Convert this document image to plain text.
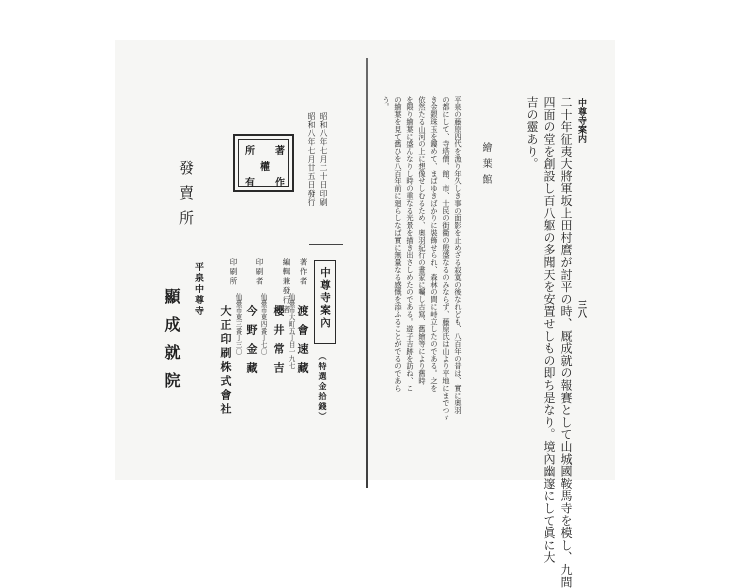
中尊寺案内
三八
二十年征夷大將軍坂上田村麿が討平の時、厩成就の報賽として山城國鞍馬寺を模し、九間
四面の堂を創設し百八躯の多聞天を安置せしもの即ち是なり。境內幽邃にして眞に大
吉の靈あり。
繪葉館
平泉の藤原四代を漁り年久しき事の面影を止めざる寂寞の後なれども、八百年の昔は、實に奧羽
の都にして、寺塔僧、館、市、士民の街衢の殷盛なるのみならず、藤原氏は山より平地にまでつゞ
き金銀珠玉を鏤めて、まばゆきばかりに裝飾せられ、森林の間に峙立したのである。之を
依然たる山河の上に想像せしむるため、奧羽紀行の畫家に囑し古寫、舊繪等により舊時
を隈り繪葉に盛んなりし時の重なる光景を描き出さしめたのである。遊子吉跡を訪ね、こ
の繪葉を見て舊ひを八百年前に廻らしなば實に無量なる感慨を添ふることがでるのであら
う。
昭和八年七月二十日印刷
昭和八年七月廿五日發行
著
作
所
有
權
中尊寺案內
（特選金拾錢）
著作者
渡會速藏
編輯兼發行者
仙臺市大町五丁目一九七
櫻井常吉
印刷者
仙臺市東四番丁七〇
今野金藏
印刷所
仙臺市東三番丁三〇
大正印刷株式會社
發賣所
平泉中尊寺
顯成就院
